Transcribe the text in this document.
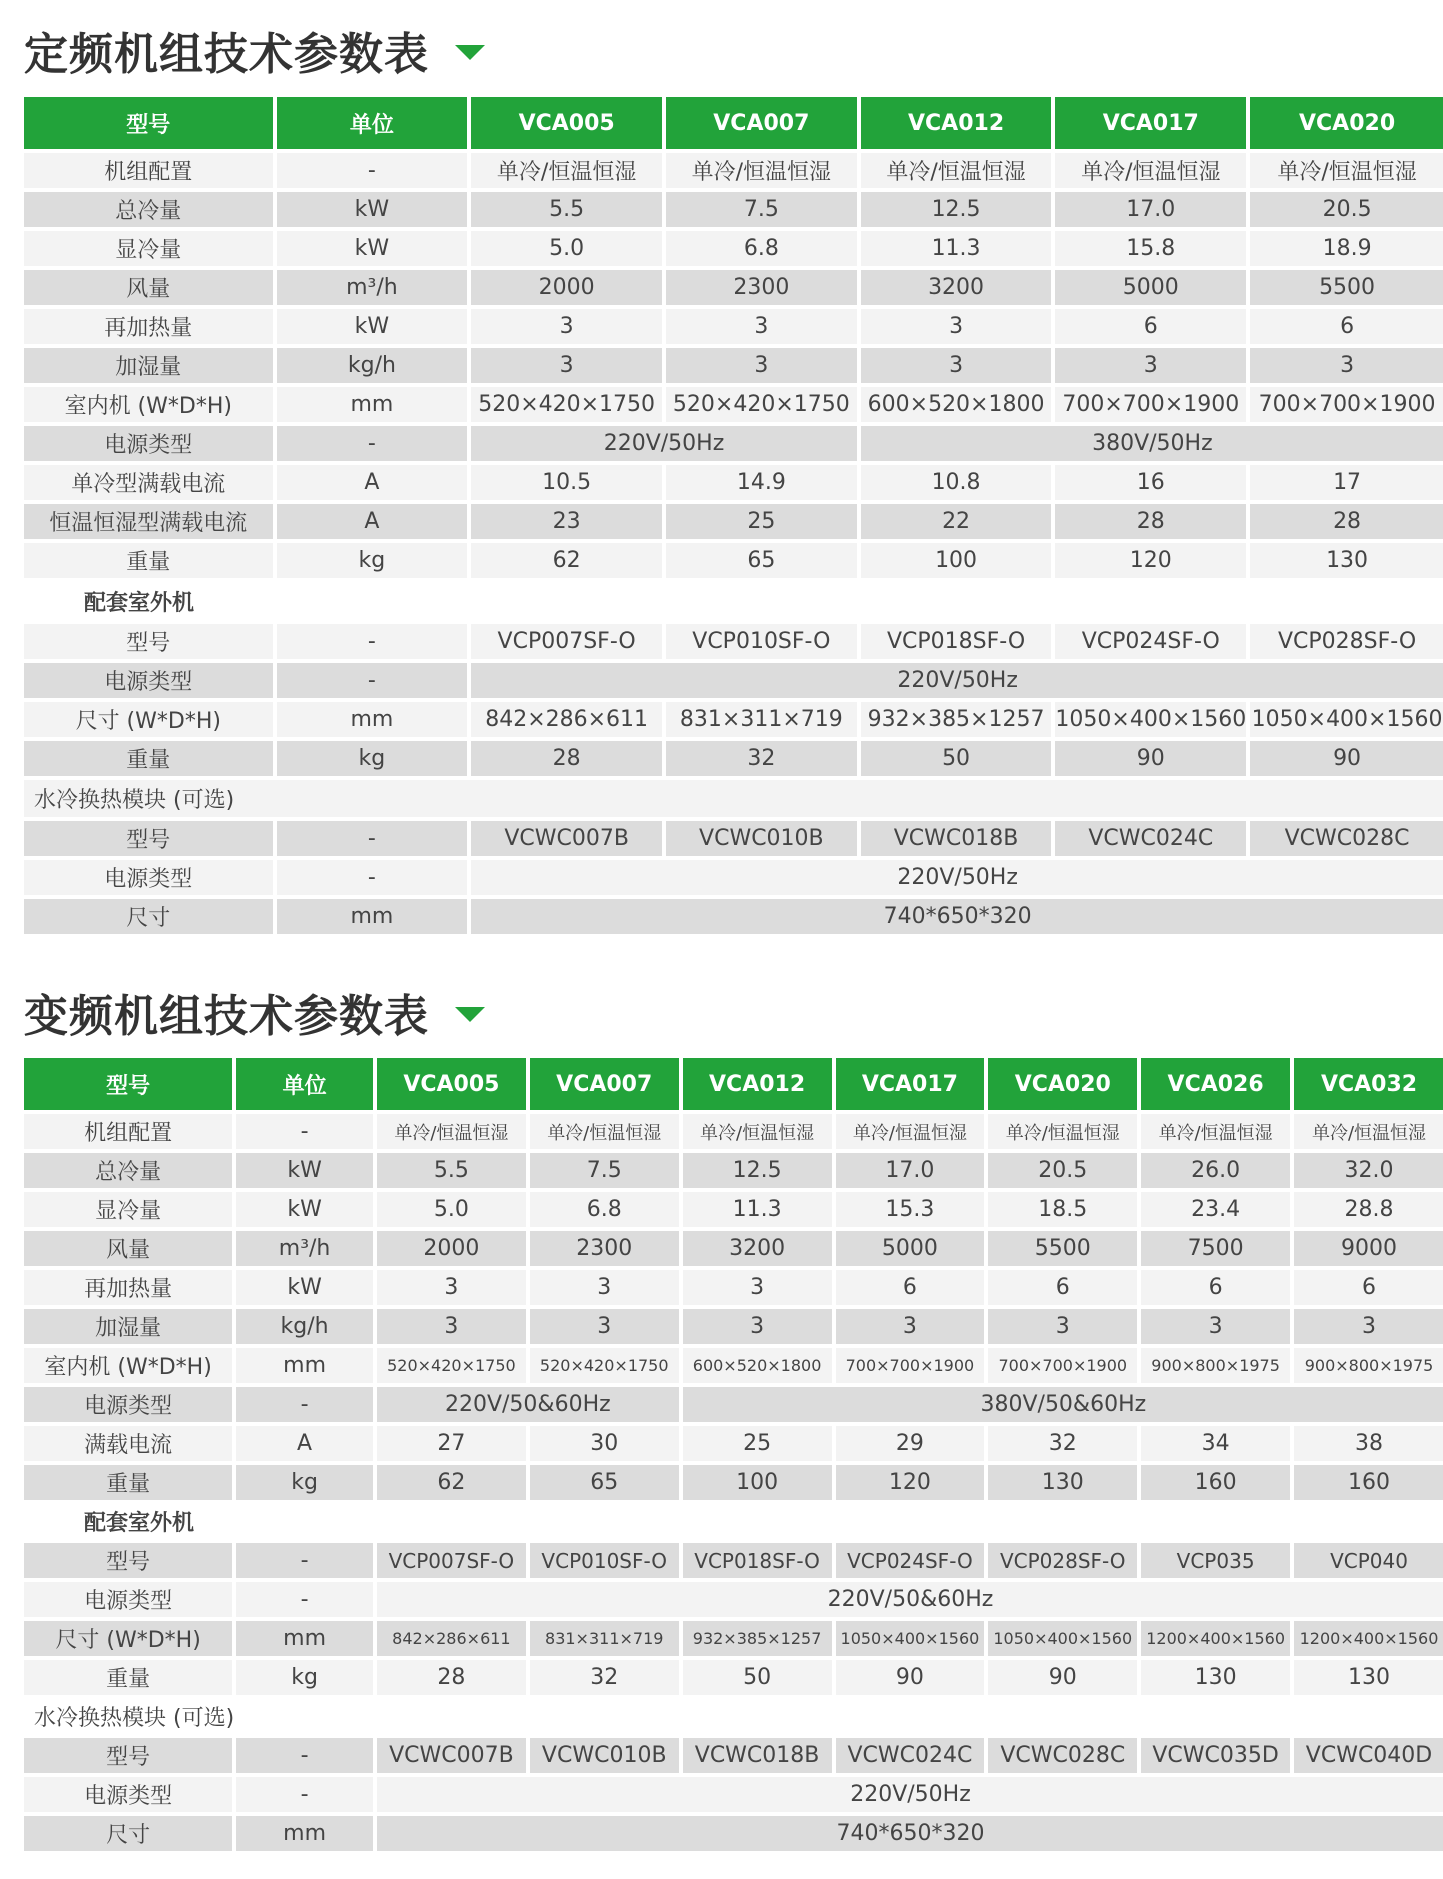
定频机组技术参数表
型号	单位	VCA005	VCA007	VCA012	VCA017	VCA020
机组配置	-	单冷/恒温恒湿	单冷/恒温恒湿	单冷/恒温恒湿	单冷/恒温恒湿	单冷/恒温恒湿
总冷量	kW	5.5	7.5	12.5	17.0	20.5
显冷量	kW	5.0	6.8	11.3	15.8	18.9
风量	m³/h	2000	2300	3200	5000	5500
再加热量	kW	3	3	3	6	6
加湿量	kg/h	3	3	3	3	3
室内机 (W*D*H)	mm	520×420×1750	520×420×1750	600×520×1800	700×700×1900	700×700×1900
电源类型	-	220V/50Hz		380V/50Hz		
单冷型满载电流	A	10.5	14.9	10.8	16	17
恒温恒湿型满载电流	A	23	25	22	28	28
重量	kg	62	65	100	120	130
配套室外机						
型号	-	VCP007SF-O	VCP010SF-O	VCP018SF-O	VCP024SF-O	VCP028SF-O
电源类型	-	220V/50Hz				
尺寸 (W*D*H)	mm	842×286×611	831×311×719	932×385×1257	1050×400×1560	1050×400×1560
重量	kg	28	32	50	90	90
水冷换热模块 (可选)						
型号	-	VCWC007B	VCWC010B	VCWC018B	VCWC024C	VCWC028C
电源类型	-	220V/50Hz				
尺寸	mm	740*650*320				
变频机组技术参数表
型号	单位	VCA005	VCA007	VCA012	VCA017	VCA020	VCA026	VCA032
机组配置	-	单冷/恒温恒湿	单冷/恒温恒湿	单冷/恒温恒湿	单冷/恒温恒湿	单冷/恒温恒湿	单冷/恒温恒湿	单冷/恒温恒湿
总冷量	kW	5.5	7.5	12.5	17.0	20.5	26.0	32.0
显冷量	kW	5.0	6.8	11.3	15.3	18.5	23.4	28.8
风量	m³/h	2000	2300	3200	5000	5500	7500	9000
再加热量	kW	3	3	3	6	6	6	6
加湿量	kg/h	3	3	3	3	3	3	3
室内机 (W*D*H)	mm	520×420×1750	520×420×1750	600×520×1800	700×700×1900	700×700×1900	900×800×1975	900×800×1975
电源类型	-	220V/50&60Hz		380V/50&60Hz				
满载电流	A	27	30	25	29	32	34	38
重量	kg	62	65	100	120	130	160	160
配套室外机								
型号	-	VCP007SF-O	VCP010SF-O	VCP018SF-O	VCP024SF-O	VCP028SF-O	VCP035	VCP040
电源类型	-	220V/50&60Hz						
尺寸 (W*D*H)	mm	842×286×611	831×311×719	932×385×1257	1050×400×1560	1050×400×1560	1200×400×1560	1200×400×1560
重量	kg	28	32	50	90	90	130	130
水冷换热模块 (可选)								
型号	-	VCWC007B	VCWC010B	VCWC018B	VCWC024C	VCWC028C	VCWC035D	VCWC040D
电源类型	-	220V/50Hz						
尺寸	mm	740*650*320						
